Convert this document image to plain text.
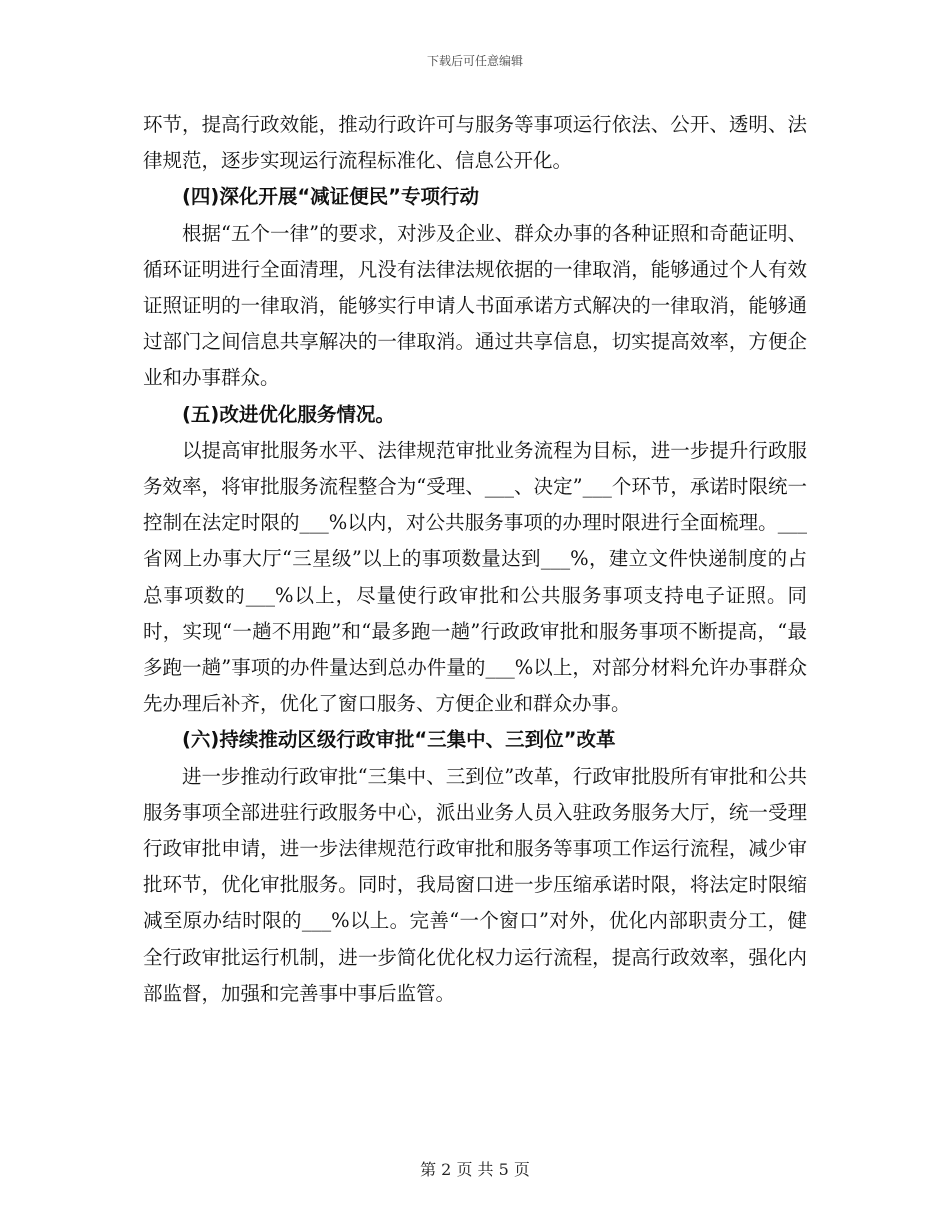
下载后可任意编辑

环节，提高行政效能，推动行政许可与服务等事项运行依法、公开、透明、法律规范，逐步实现运行流程标准化、信息公开化。

(四)深化开展“减证便民”专项行动

根据“五个一律”的要求，对涉及企业、群众办事的各种证照和奇葩证明、循环证明进行全面清理，凡没有法律法规依据的一律取消，能够通过个人有效证照证明的一律取消，能够实行申请人书面承诺方式解决的一律取消，能够通过部门之间信息共享解决的一律取消。通过共享信息，切实提高效率，方便企业和办事群众。

(五)改进优化服务情况。

以提高审批服务水平、法律规范审批业务流程为目标，进一步提升行政服务效率，将审批服务流程整合为“受理、___、决定”___个环节，承诺时限统一控制在法定时限的___%以内，对公共服务事项的办理时限进行全面梳理。___省网上办事大厅“三星级”以上的事项数量达到___%，建立文件快递制度的占总事项数的___%以上，尽量使行政审批和公共服务事项支持电子证照。同时，实现“一趟不用跑”和“最多跑一趟”行政政审批和服务事项不断提高，“最多跑一趟”事项的办件量达到总办件量的___%以上，对部分材料允许办事群众先办理后补齐，优化了窗口服务、方便企业和群众办事。

(六)持续推动区级行政审批“三集中、三到位”改革

进一步推动行政审批“三集中、三到位”改革，行政审批股所有审批和公共服务事项全部进驻行政服务中心，派出业务人员入驻政务服务大厅，统一受理行政审批申请，进一步法律规范行政审批和服务等事项工作运行流程，减少审批环节，优化审批服务。同时，我局窗口进一步压缩承诺时限，将法定时限缩减至原办结时限的___%以上。完善“一个窗口”对外，优化内部职责分工，健全行政审批运行机制，进一步简化优化权力运行流程，提高行政效率，强化内部监督，加强和完善事中事后监管。

第 2 页 共 5 页
